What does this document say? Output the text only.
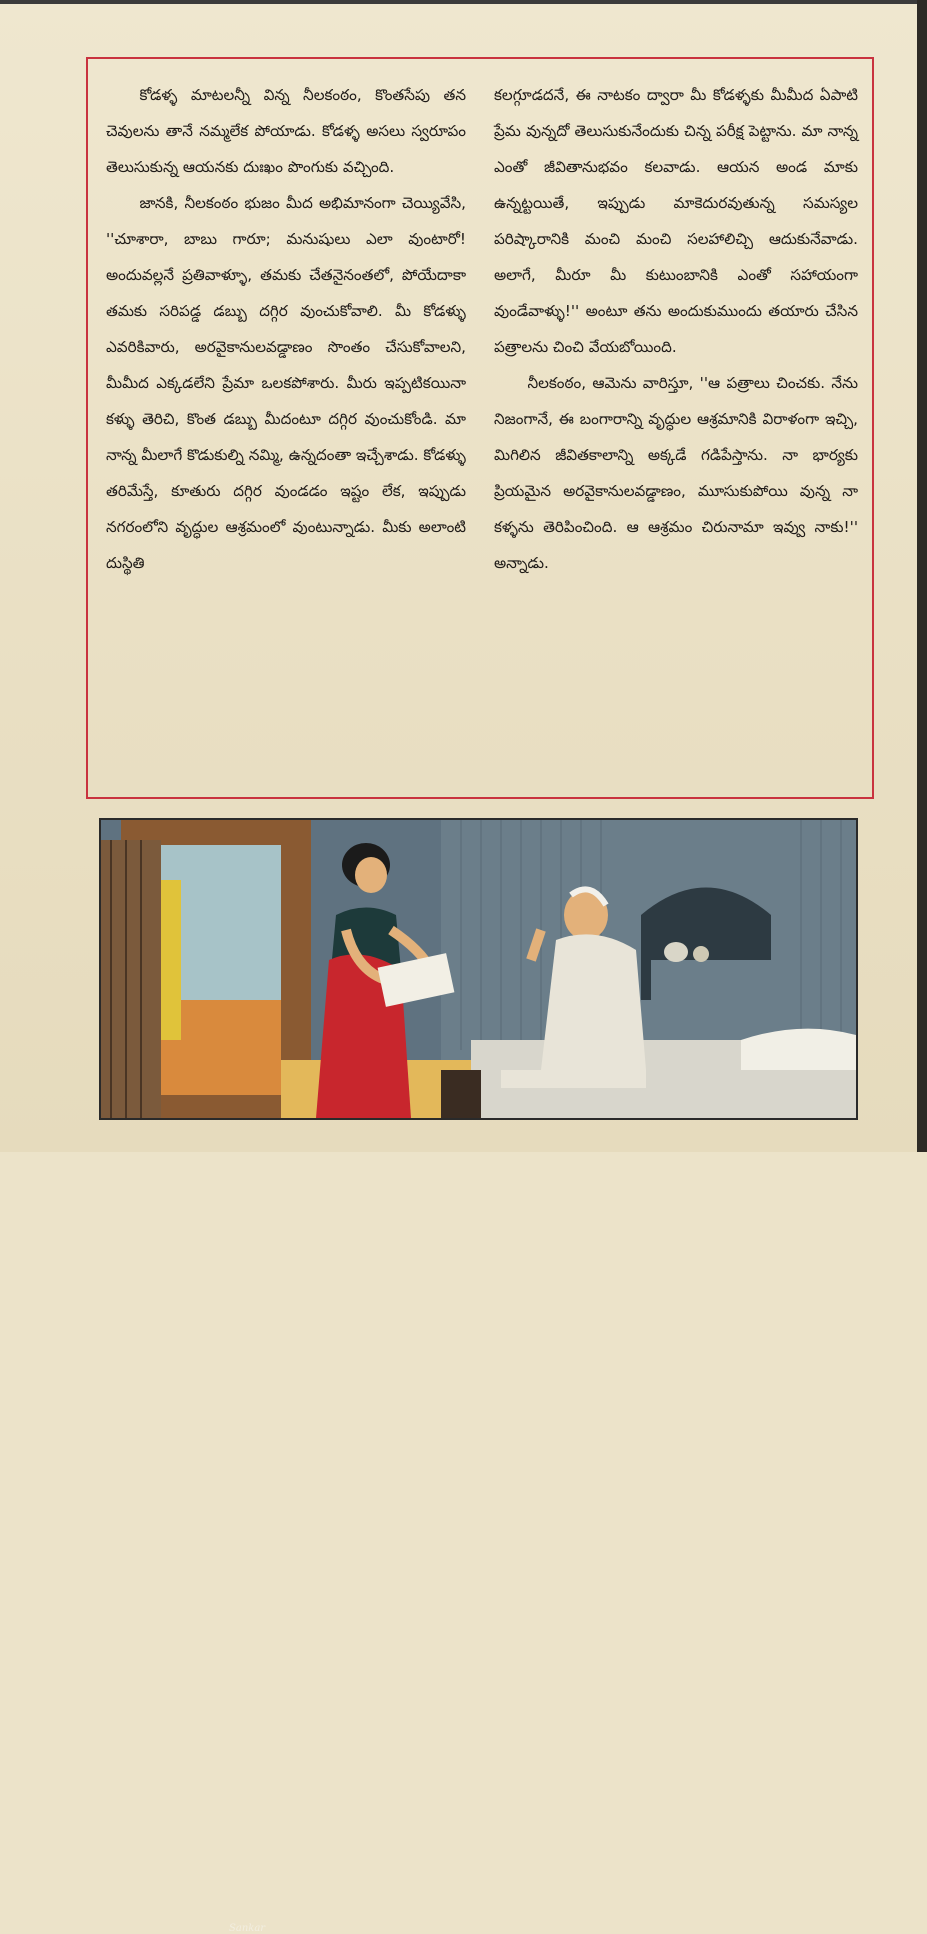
కోడళ్ళ మాటలన్నీ విన్న నీలకంఠం, కొంతసేపు తన చెవులను తానే నమ్మలేక పోయాడు. కోడళ్ళ అసలు స్వరూపం తెలుసుకున్న ఆయనకు దుఃఖం పొంగుకు వచ్చింది.

జానకి, నీలకంఠం భుజం మీద అభిమానంగా చెయ్యివేసి, ''చూశారా, బాబు గారూ; మనుషులు ఎలా వుంటారో! అందువల్లనే ప్రతివాళ్ళూ, తమకు చేతనైనంతలో, పోయేదాకా తమకు సరిపడ్డ డబ్బు దగ్గిర వుంచుకోవాలి. మీ కోడళ్ళు ఎవరికివారు, అరవైకానులవడ్డాణం సొంతం చేసుకోవాలని, మీమీద ఎక్కడలేని ప్రేమా ఒలకపోశారు. మీరు ఇప్పటికయినా కళ్ళు తెరిచి, కొంత డబ్బు మీదంటూ దగ్గిర వుంచుకోండి. మా నాన్న మీలాగే కొడుకుల్ని నమ్మి, ఉన్నదంతా ఇచ్చేశాడు. కోడళ్ళు తరిమేస్తే, కూతురు దగ్గిర వుండడం ఇష్టం లేక, ఇప్పుడు నగరంలోని వృద్ధుల ఆశ్రమంలో వుంటున్నాడు. మీకు అలాంటి దుస్థితి

కలగ్గూడదనే, ఈ నాటకం ద్వారా మీ కోడళ్ళకు మీమీద ఏపాటి ప్రేమ వున్నదో తెలుసుకునేందుకు చిన్న పరీక్ష పెట్టాను. మా నాన్న ఎంతో జీవితానుభవం కలవాడు. ఆయన అండ మాకు ఉన్నట్టయితే, ఇప్పుడు మాకెదురవుతున్న సమస్యల పరిష్కారానికి మంచి మంచి సలహాలిచ్చి ఆదుకునేవాడు. అలాగే, మీరూ మీ కుటుంబానికి ఎంతో సహాయంగా వుండేవాళ్ళు!'' అంటూ తను అందుకుముందు తయారు చేసిన పత్రాలను చించి వేయబోయింది.

నీలకంఠం, ఆమెను వారిస్తూ, ''ఆ పత్రాలు చించకు. నేను నిజంగానే, ఈ బంగారాన్ని వృద్ధుల ఆశ్రమానికి విరాళంగా ఇచ్చి, మిగిలిన జీవితకాలాన్ని అక్కడే గడిపేస్తాను. నా భార్యకు ప్రియమైన అరవైకానులవడ్డాణం, మూసుకుపోయి వున్న నా కళ్ళను తెరిపించింది. ఆ ఆశ్రమం చిరునామా ఇవ్వు నాకు!'' అన్నాడు.

Sankar
